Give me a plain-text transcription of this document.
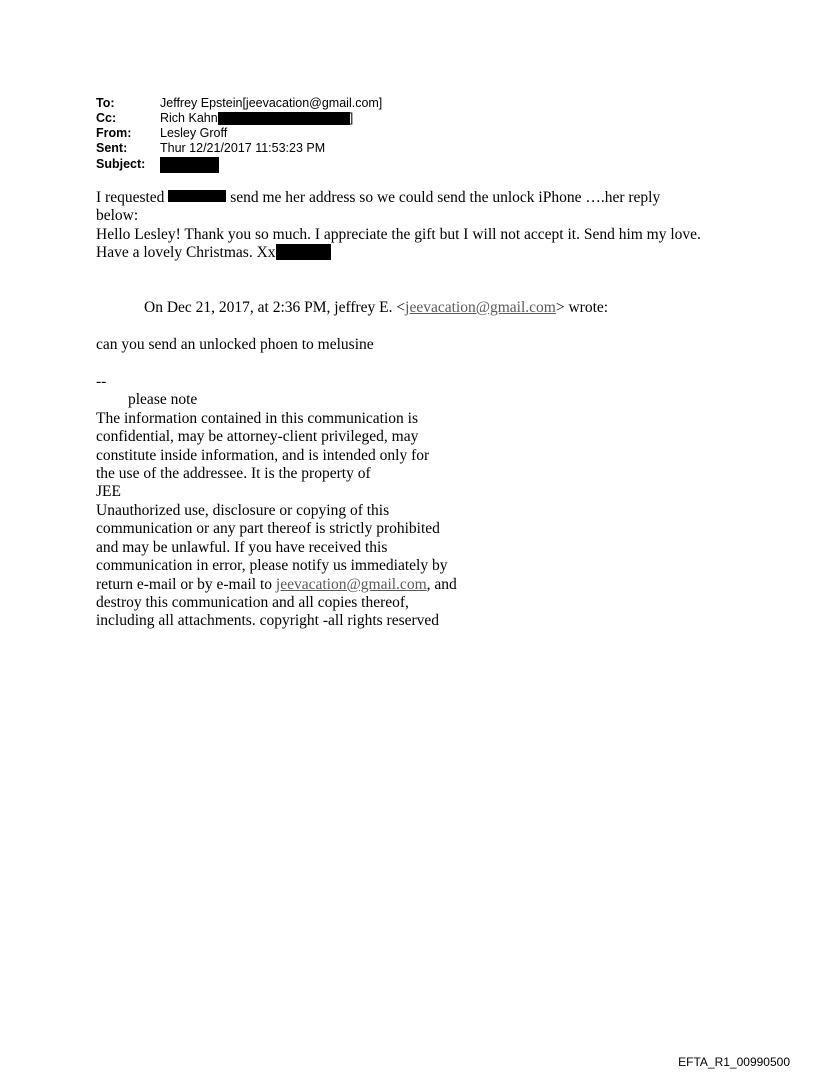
To:	Jeffrey Epstein[jeevacation@gmail.com]
Cc:	Rich Kahn	]
From: Lesley Groff
Sent:	Thur 12/21/2017 11:53:23 PM
Subject:
I requested	send me her address so we could send the unlock iPhone ….her reply
below:
Hello Lesley! Thank you so much. I appreciate the gift but I will not accept it. Send him my love.
Have a lovely Christmas. Xx
On Dec 21, 2017, at 2:36 PM, jeffrey E. <jeevacation@gmail.com> wrote:
can you send an unlocked phoen to melusine
--
please note
The information contained in this communication is
confidential, may be attorney-client privileged, may
constitute inside information, and is intended only for
the use of the addressee. It is the property of
JEE
Unauthorized use, disclosure or copying of this
communication or any part thereof is strictly prohibited
and may be unlawful. If you have received this
communication in error, please notify us immediately by
return e-mail or by e-mail to jeevacation@gmail.com, and
destroy this communication and all copies thereof,
including all attachments. copyright -all rights reserved
EFTA_R1_00990500
